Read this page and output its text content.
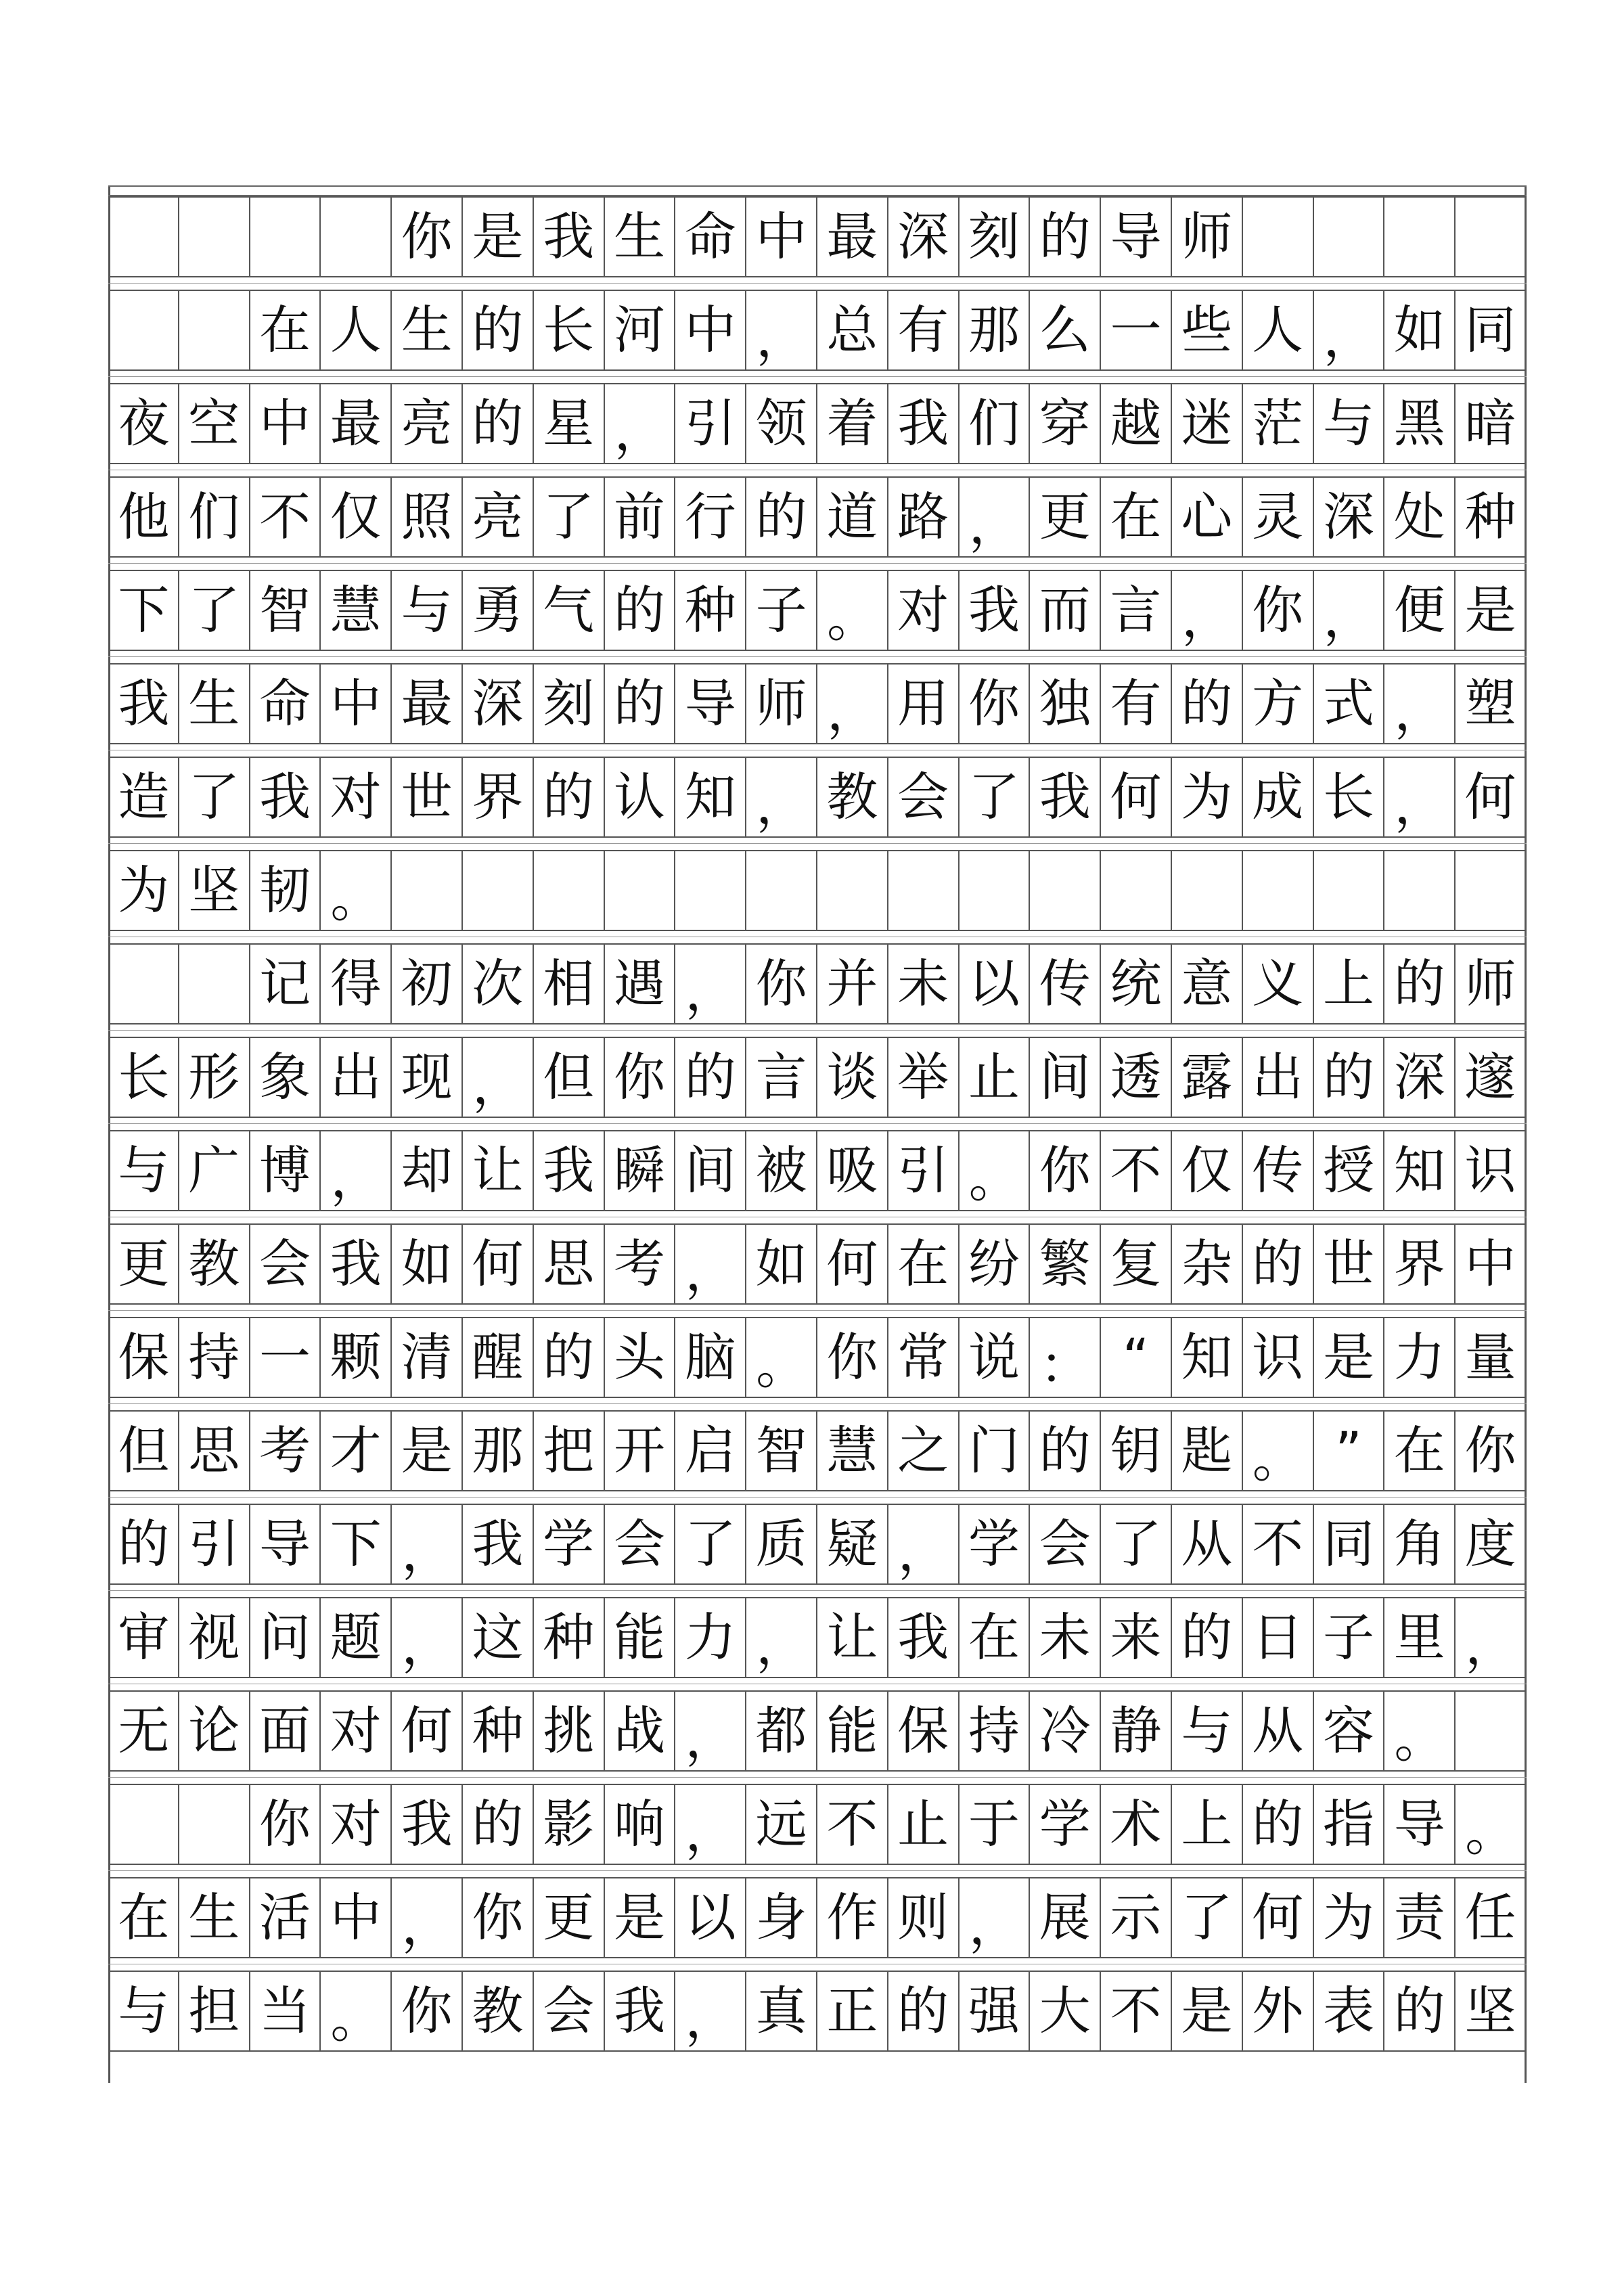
你 是 我 生 命 中 最 深 刻 的 导 师
在 人 生 的 长 河 中 ， 总 有 那 么 一 些 人 ， 如 同
夜 空 中 最 亮 的 星 ， 引 领 着 我 们 穿 越 迷 茫 与 黑 暗
他 们 不 仅 照 亮 了 前 行 的 道 路 ， 更 在 心 灵 深 处 种
下 了 智 慧 与 勇 气 的 种 子 。 对 我 而 言 ， 你 ， 便 是
我 生 命 中 最 深 刻 的 导 师 ， 用 你 独 有 的 方 式 ， 塑
造 了 我 对 世 界 的 认 知 ， 教 会 了 我 何 为 成 长 ， 何
为 坚 韧 。
记 得 初 次 相 遇 ， 你 并 未 以 传 统 意 义 上 的 师
长 形 象 出 现 ， 但 你 的 言 谈 举 止 间 透 露 出 的 深 邃
与 广 博 ， 却 让 我 瞬 间 被 吸 引 。 你 不 仅 传 授 知 识
更 教 会 我 如 何 思 考 ， 如 何 在 纷 繁 复 杂 的 世 界 中
保 持 一 颗 清 醒 的 头 脑 。 你 常 说 ： “ 知 识 是 力 量
但 思 考 才 是 那 把 开 启 智 慧 之 门 的 钥 匙 。 ” 在 你
的 引 导 下 ， 我 学 会 了 质 疑 ， 学 会 了 从 不 同 角 度
审 视 问 题 ， 这 种 能 力 ， 让 我 在 未 来 的 日 子 里 ，
无 论 面 对 何 种 挑 战 ， 都 能 保 持 冷 静 与 从 容 。
你 对 我 的 影 响 ， 远 不 止 于 学 术 上 的 指 导 。
在 生 活 中 ， 你 更 是 以 身 作 则 ， 展 示 了 何 为 责 任
与 担 当 。 你 教 会 我 ， 真 正 的 强 大 不 是 外 表 的 坚
